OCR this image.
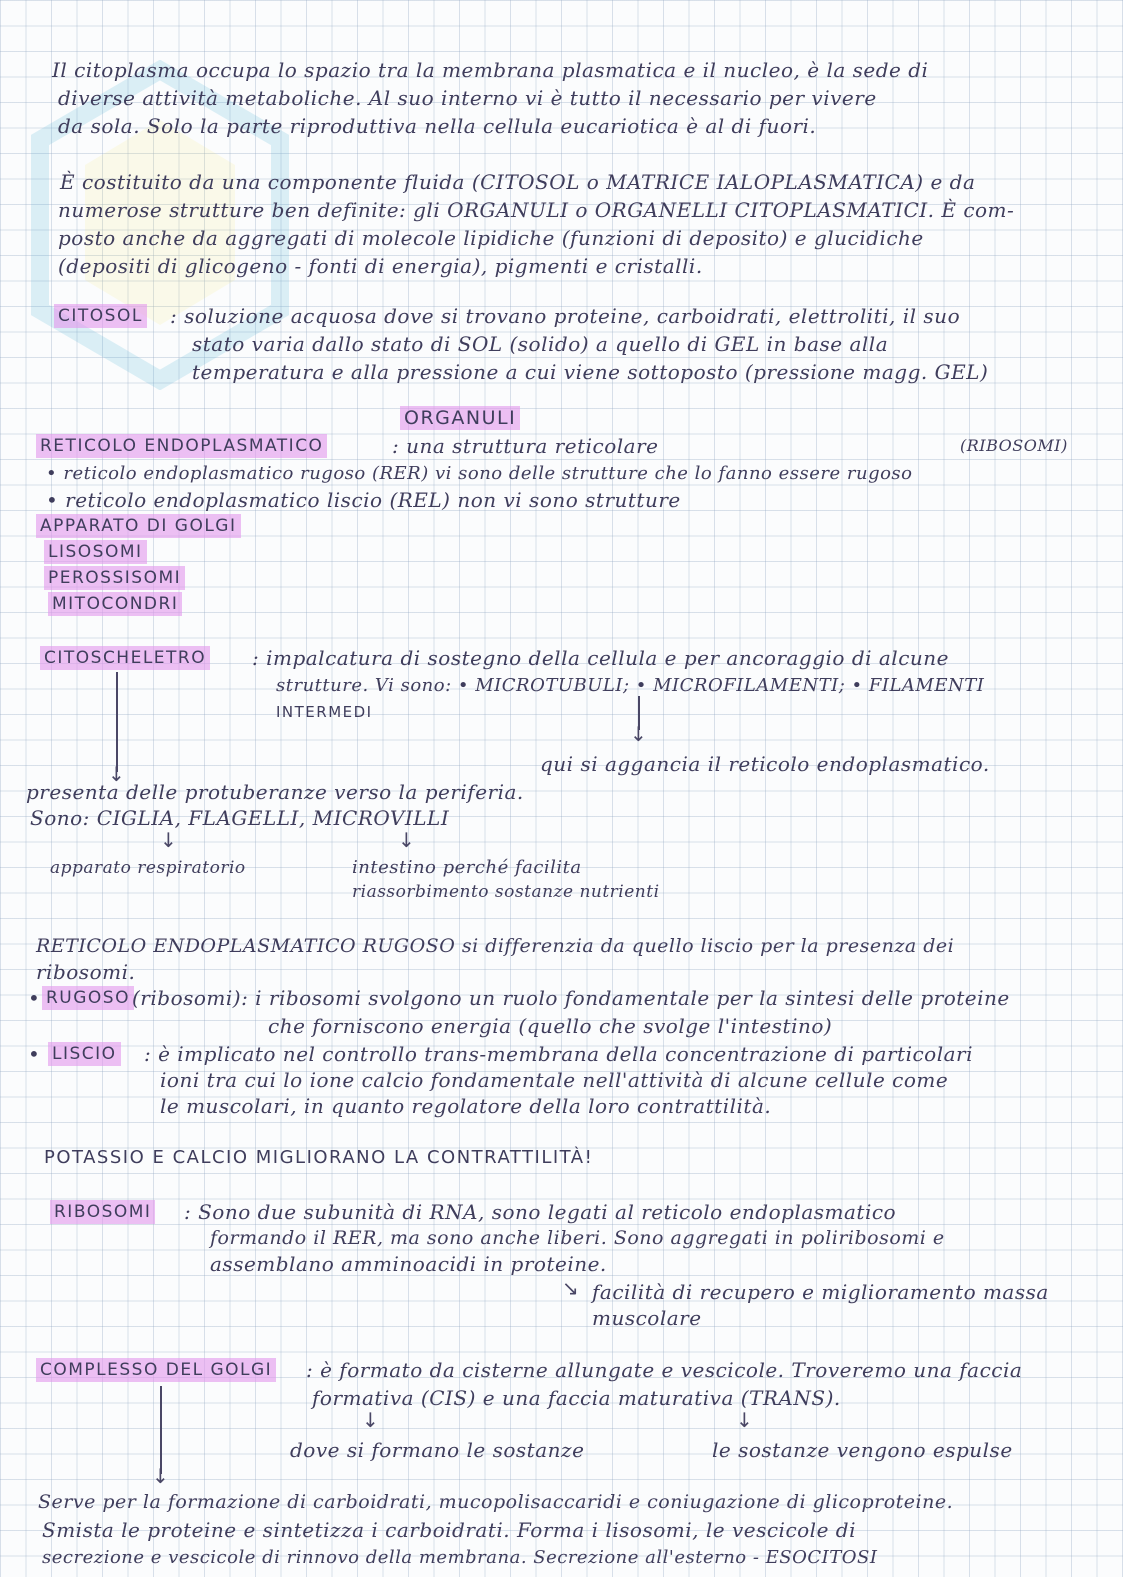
Il citoplasma occupa lo spazio tra la membrana plasmatica e il nucleo, è la sede di
diverse attività metaboliche. Al suo interno vi è tutto il necessario per vivere
da sola. Solo la parte riproduttiva nella cellula eucariotica è al di fuori.
È costituito da una componente fluida (CITOSOL o MATRICE IALOPLASMATICA) e da
numerose strutture ben definite: gli ORGANULI o ORGANELLI CITOPLASMATICI. È com-
posto anche da aggregati di molecole lipidiche (funzioni di deposito) e glucidiche
(depositi di glicogeno - fonti di energia), pigmenti e cristalli.
CITOSOL : soluzione acquosa dove si trovano proteine, carboidrati, elettroliti, il suo
stato varia dallo stato di SOL (solido) a quello di GEL in base alla
temperatura e alla pressione a cui viene sottoposto (pressione magg. GEL)
ORGANULI
RETICOLO ENDOPLASMATICO	: una struttura reticolare	(RIBOSOMI)
• reticolo endoplasmatico rugoso (RER) vi sono delle strutture che lo fanno essere rugoso
• reticolo endoplasmatico liscio (REL) non vi sono strutture
APPARATO DI GOLGI
LISOSOMI
PEROSSISOMI
MITOCONDRI
CITOSCHELETRO : impalcatura di sostegno della cellula e per ancoraggio di alcune
strutture. Vi sono: • MICROTUBULI; • MICROFILAMENTI; • FILAMENTI
INTERMEDI
↓
↓
qui si aggancia il reticolo endoplasmatico.
presenta delle protuberanze verso la periferia.
Sono: CIGLIA, FLAGELLI, MICROVILLI
↓	↓
apparato respiratorio	intestino perché facilita
riassorbimento sostanze nutrienti
RETICOLO ENDOPLASMATICO RUGOSO si differenzia da quello liscio per la presenza dei
ribosomi.
• RUGOSO (ribosomi): i ribosomi svolgono un ruolo fondamentale per la sintesi delle proteine
che forniscono energia (quello che svolge l'intestino)
• LISCIO : è implicato nel controllo trans-membrana della concentrazione di particolari
ioni tra cui lo ione calcio fondamentale nell'attività di alcune cellule come
le muscolari, in quanto regolatore della loro contrattilità.
POTASSIO E CALCIO MIGLIORANO LA CONTRATTILITÀ!
RIBOSOMI : Sono due subunità di RNA, sono legati al reticolo endoplasmatico
formando il RER, ma sono anche liberi. Sono aggregati in poliribosomi e
assemblano amminoacidi in proteine.
↘ facilità di recupero e miglioramento massa
muscolare
COMPLESSO DEL GOLGI : è formato da cisterne allungate e vescicole. Troveremo una faccia
formativa (CIS) e una faccia maturativa (TRANS).
↓	↓
dove si formano le sostanze	le sostanze vengono espulse
↓
Serve per la formazione di carboidrati, mucopolisaccaridi e coniugazione di glicoproteine.
Smista le proteine e sintetizza i carboidrati. Forma i lisosomi, le vescicole di
secrezione e vescicole di rinnovo della membrana. Secrezione all'esterno - ESOCITOSI
